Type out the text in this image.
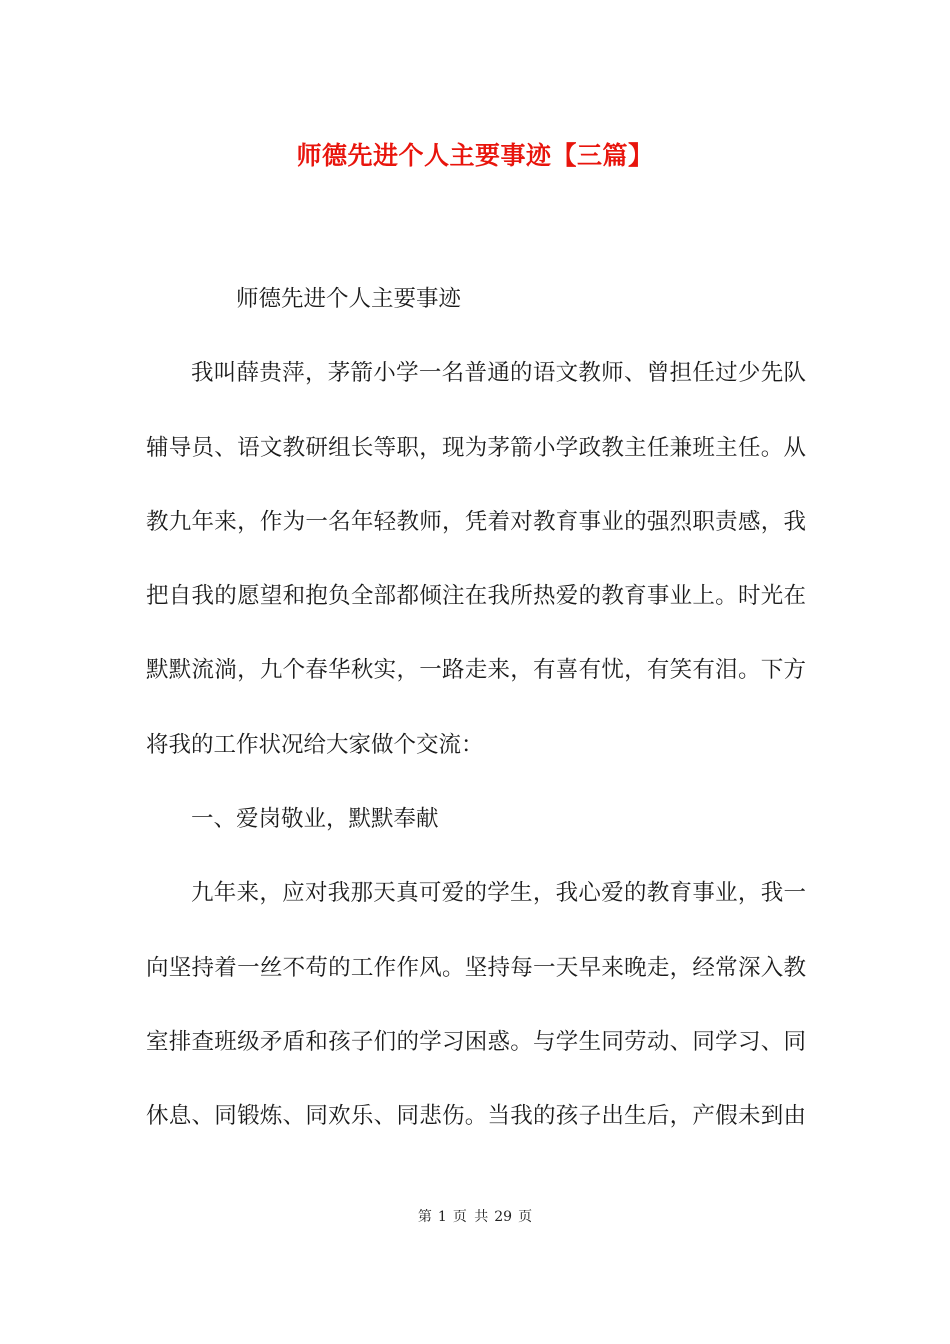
师德先进个人主要事迹【三篇】
师德先进个人主要事迹
我叫薛贵萍，茅箭小学一名普通的语文教师、曾担任过少先队
辅导员、语文教研组长等职，现为茅箭小学政教主任兼班主任。从
教九年来，作为一名年轻教师，凭着对教育事业的强烈职责感，我
把自我的愿望和抱负全部都倾注在我所热爱的教育事业上。时光在
默默流淌，九个春华秋实，一路走来，有喜有忧，有笑有泪。下方
将我的工作状况给大家做个交流：
一、爱岗敬业，默默奉献
九年来，应对我那天真可爱的学生，我心爱的教育事业，我一
向坚持着一丝不苟的工作作风。坚持每一天早来晚走，经常深入教
室排查班级矛盾和孩子们的学习困惑。与学生同劳动、同学习、同
休息、同锻炼、同欢乐、同悲伤。当我的孩子出生后，产假未到由
第 1 页 共 29 页
